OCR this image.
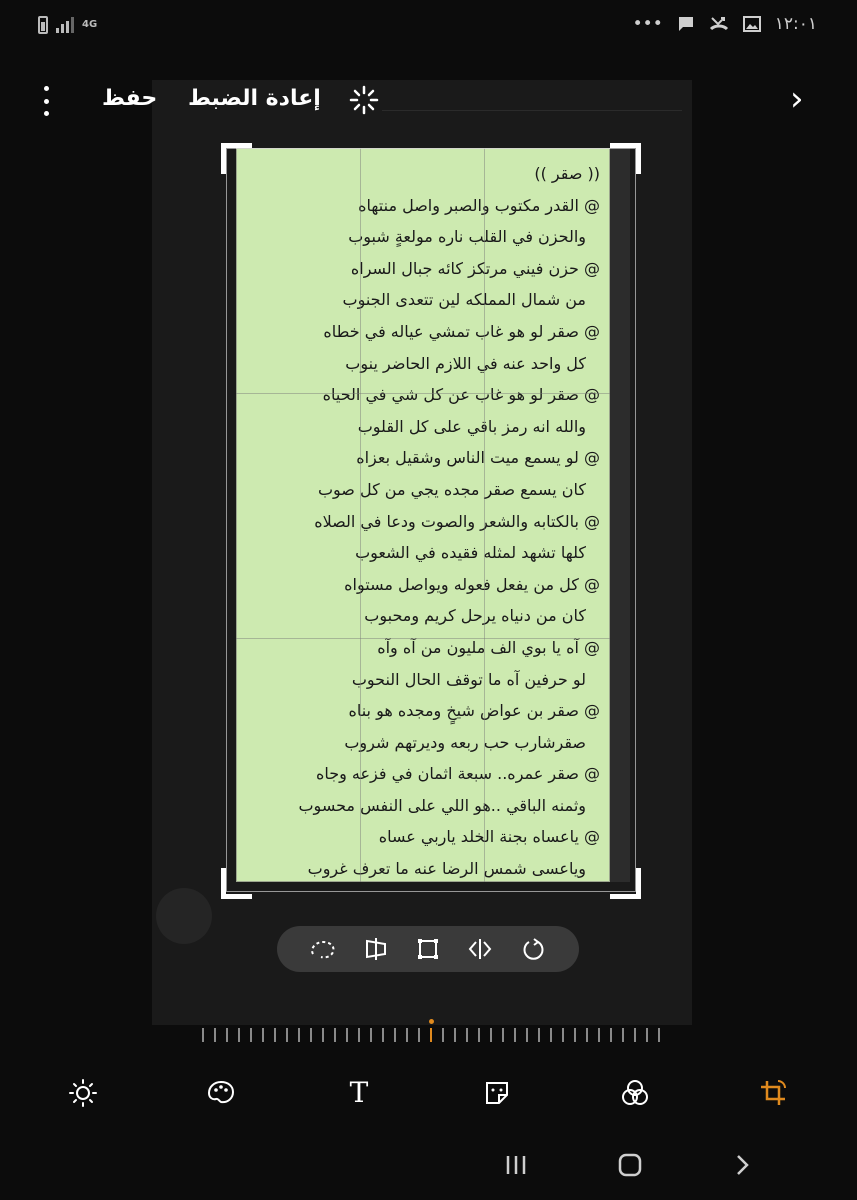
4G	•••	١٢:٠١
حفظ إعادة الضبط	›
(( صقر ))
@ القدر مكتوب والصبر واصل منتهاه
والحزن في القلب ناره مولعةٍ شبوب
@ حزن فيني مرتكز كائه جبال السراه
من شمال المملكه لين تتعدى الجنوب
@ صقر لو هو غاب تمشي عياله في خطاه
كل واحد عنه في اللازم الحاضر ينوب
@ صقر لو هو غاب عن كل شي في الحياه
والله انه رمز باقي على كل القلوب
@ لو يسمع ميت الناس وشقيل بعزاه
كان يسمع صقر مجده يجي من كل صوب
@ بالكتابه والشعر والصوت ودعا في الصلاه
كلها تشهد لمثله فقيده في الشعوب
@ كل من يفعل فعوله ويواصل مستواه
كان من دنياه يرحل كريم ومحبوب
@ آه يا بوي الف مليون من آه وآه
لو حرفين آه ما توقف الحال النحوب
@ صقر بن عواض شيخٍ ومجده هو بناه
صقرشارب حب ربعه وديرتهم شروب
@ صقر عمره.. سبعة اثمان في فزعه وجاه
وثمنه الباقي ..هو اللي على النفس محسوب
@ ياعساه بجنة الخلد ياربي عساه
وياعسى شمس الرضا عنه ما تعرف غروب
T
